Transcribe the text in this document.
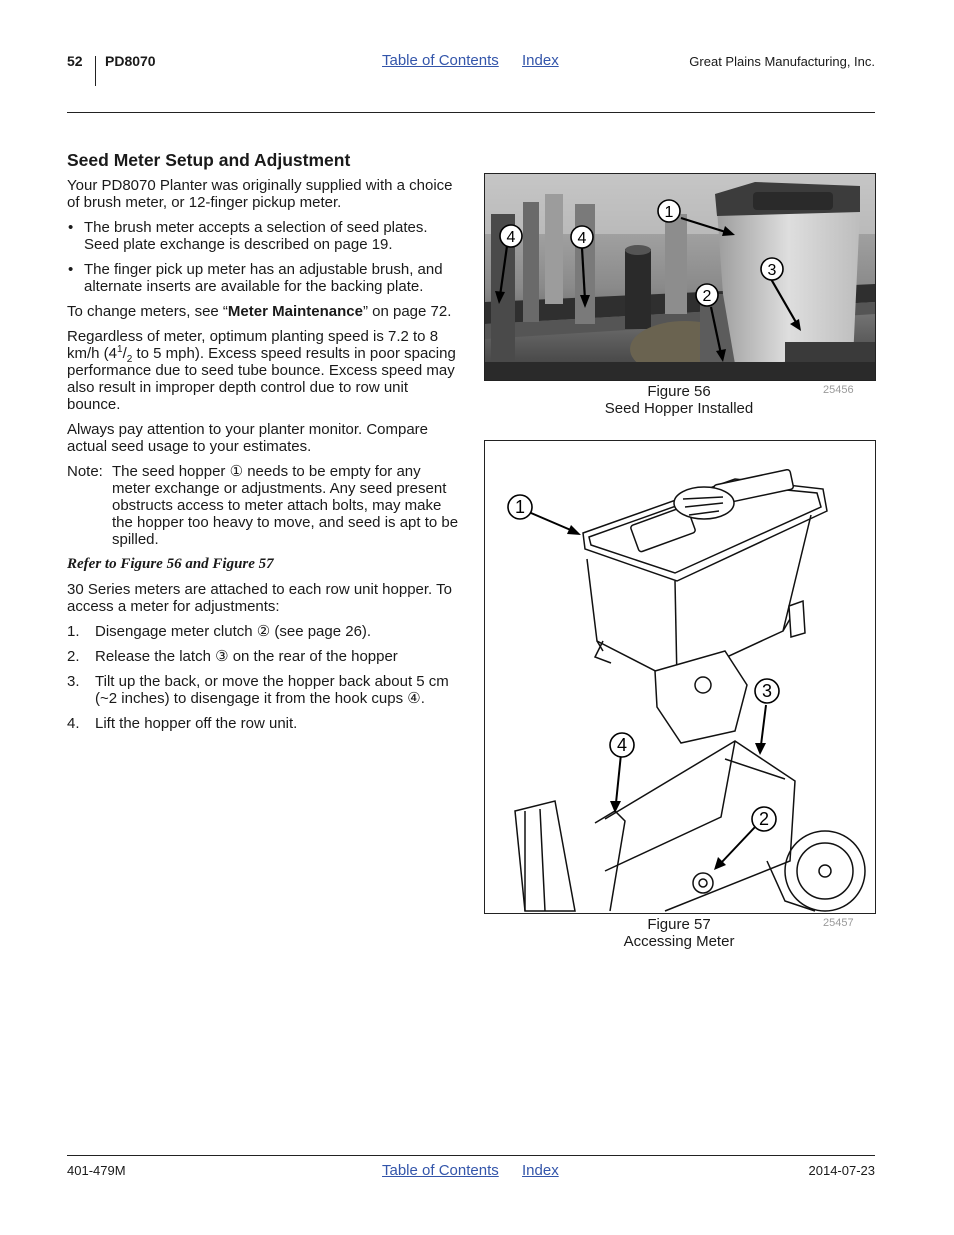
52 PD8070	Table of Contents Index	Great Plains Manufacturing, Inc.
Seed Meter Setup and Adjustment

Your PD8070 Planter was originally supplied with a choice of brush meter, or 12-finger pickup meter.

• The brush meter accepts a selection of seed plates. Seed plate exchange is described on page 19.
• The finger pick up meter has an adjustable brush, and alternate inserts are available for the backing plate.

To change meters, see “Meter Maintenance” on page 72.

Regardless of meter, optimum planting speed is 7.2 to 8 km/h ($4^1/_2$ to 5 mph). Excess speed results in poor spacing performance due to seed tube bounce. Excess speed may also result in improper depth control due to row unit bounce.

Always pay attention to your planter monitor. Compare actual seed usage to your estimates.

Note: The seed hopper ① needs to be empty for any meter exchange or adjustments. Any seed present obstructs access to meter attach bolts, may make the hopper too heavy to move, and seed is apt to be spilled.

Refer to Figure 56 and Figure 57

30 Series meters are attached to each row unit hopper. To access a meter for adjustments:

1. Disengage meter clutch ② (see page 26).
2. Release the latch ③ on the rear of the hopper
3. Tilt up the back, or move the hopper back about 5 cm (~2 inches) to disengage it from the hook cups ④.
4. Lift the hopper off the row unit.
1
4	4
3
2
Figure 56
Seed Hopper Installed
25456
1
3
4
2
Figure 57
Accessing Meter
25457
401-479M	Table of Contents Index	2014-07-23
